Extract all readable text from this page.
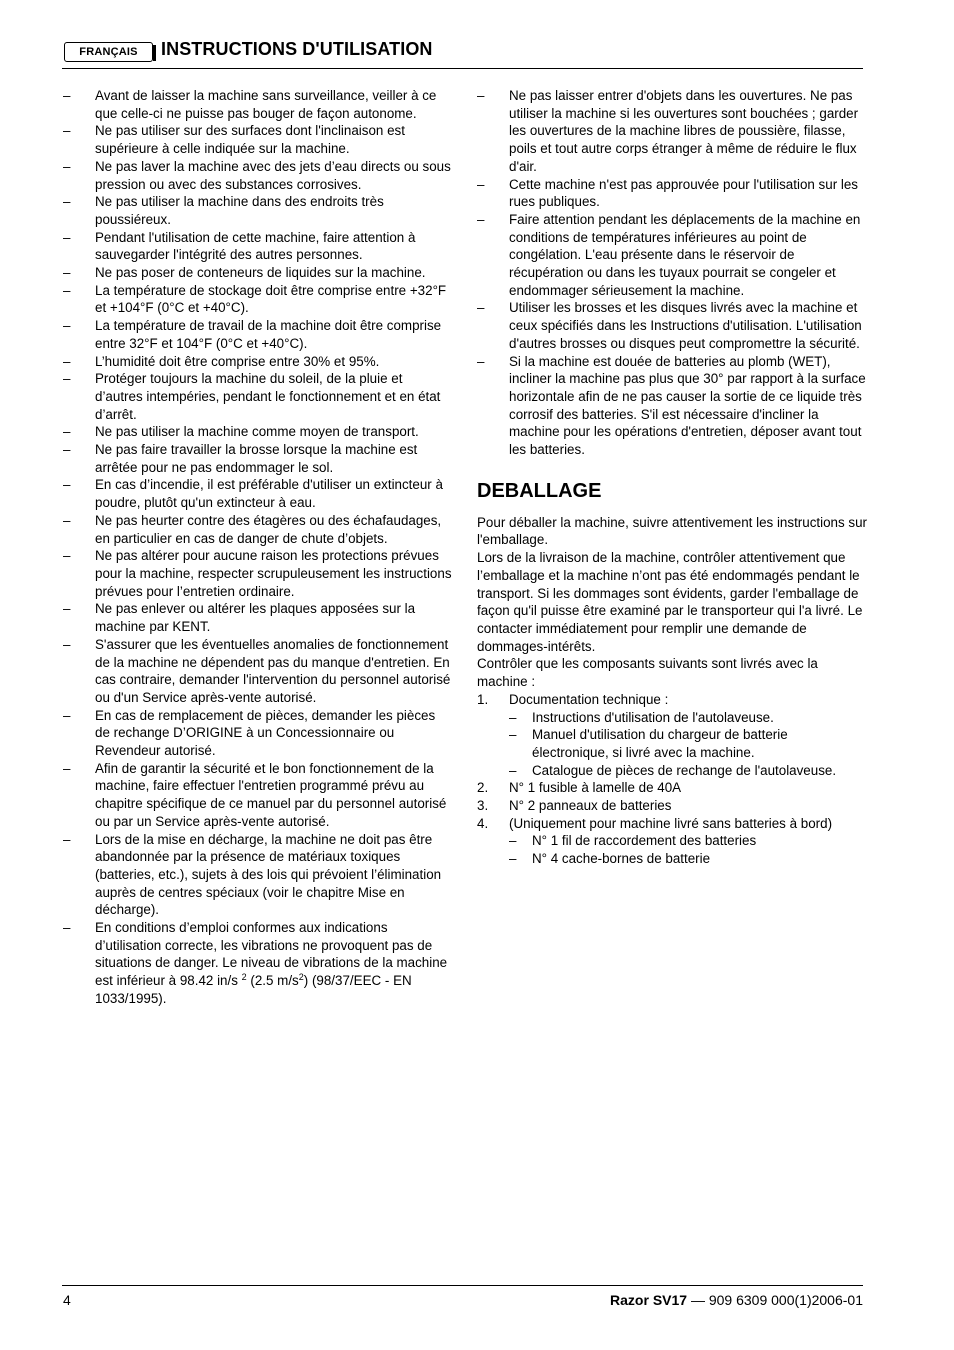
FRANÇAIS	INSTRUCTIONS D'UTILISATION
– Avant de laisser la machine sans surveillance, veiller à ce que celle-ci ne puisse pas bouger de façon autonome.
– Ne pas utiliser sur des surfaces dont l'inclinaison est supérieure à celle indiquée sur la machine.
– Ne pas laver la machine avec des jets d’eau directs ou sous pression ou avec des substances corrosives.
– Ne pas utiliser la machine dans des endroits très poussiéreux.
– Pendant l'utilisation de cette machine, faire attention à sauvegarder l'intégrité des autres personnes.
– Ne pas poser de conteneurs de liquides sur la machine.
– La température de stockage doit être comprise entre +32°F et +104°F (0°C et +40°C).
– La température de travail de la machine doit être comprise entre 32°F et 104°F (0°C et +40°C).
– L’humidité doit être comprise entre 30% et 95%.
– Protéger toujours la machine du soleil, de la pluie et d’autres intempéries, pendant le fonctionnement et en état d’arrêt.
– Ne pas utiliser la machine comme moyen de transport.
– Ne pas faire travailler la brosse lorsque la machine est arrêtée pour ne pas endommager le sol.
– En cas d’incendie, il est préférable d'utiliser un extincteur à poudre, plutôt qu'un extincteur à eau.
– Ne pas heurter contre des étagères ou des échafaudages, en particulier en cas de danger de chute d’objets.
– Ne pas altérer pour aucune raison les protections prévues pour la machine, respecter scrupuleusement les instructions prévues pour l’entretien ordinaire.
– Ne pas enlever ou altérer les plaques apposées sur la machine par KENT.
– S'assurer que les éventuelles anomalies de fonctionnement de la machine ne dépendent pas du manque d'entretien. En cas contraire, demander l'intervention du personnel autorisé ou d'un Service après-vente autorisé.
– En cas de remplacement de pièces, demander les pièces de rechange D’ORIGINE à un Concessionnaire ou Revendeur autorisé.
– Afin de garantir la sécurité et le bon fonctionnement de la machine, faire effectuer l'entretien programmé prévu au chapitre spécifique de ce manuel par du personnel autorisé ou par un Service après-vente autorisé.
– Lors de la mise en décharge, la machine ne doit pas être abandonnée par la présence de matériaux toxiques (batteries, etc.), sujets à des lois qui prévoient l’élimination auprès de centres spéciaux (voir le chapitre Mise en décharge).
– En conditions d’emploi conformes aux indications d’utilisation correcte, les vibrations ne provoquent pas de situations de danger. Le niveau de vibrations de la machine est inférieur à 98.42 in/s $^2$ (2.5 $m/s^2$) (98/37/EEC - EN 1033/1995).
– Ne pas laisser entrer d'objets dans les ouvertures. Ne pas utiliser la machine si les ouvertures sont bouchées ; garder les ouvertures de la machine libres de poussière, filasse, poils et tout autre corps étranger à même de réduire le flux d'air.
– Cette machine n'est pas approuvée pour l'utilisation sur les rues publiques.
– Faire attention pendant les déplacements de la machine en conditions de températures inférieures au point de congélation. L'eau présente dans le réservoir de récupération ou dans les tuyaux pourrait se congeler et endommager sérieusement la machine.
– Utiliser les brosses et les disques livrés avec la machine et ceux spécifiés dans les Instructions d'utilisation. L'utilisation d'autres brosses ou disques peut compromettre la sécurité.
– Si la machine est douée de batteries au plomb (WET), incliner la machine pas plus que 30° par rapport à la surface horizontale afin de ne pas causer la sortie de ce liquide très corrosif des batteries. S'il est nécessaire d'incliner la machine pour les opérations d'entretien, déposer avant tout les batteries.
DEBALLAGE

Pour déballer la machine, suivre attentivement les instructions sur l'emballage.

Lors de la livraison de la machine, contrôler attentivement que l’emballage et la machine n’ont pas été endommagés pendant le transport. Si les dommages sont évidents, garder l'emballage de façon qu'il puisse être examiné par le transporteur qui l'a livré. Le contacter immédiatement pour remplir une demande de dommages-intérêts.

Contrôler que les composants suivants sont livrés avec la machine :

1. Documentation technique :
– Instructions d'utilisation de l'autolaveuse.
– Manuel d'utilisation du chargeur de batterie électronique, si livré avec la machine.
– Catalogue de pièces de rechange de l'autolaveuse.
2. N° 1 fusible à lamelle de 40A
3. N° 2 panneaux de batteries
4. (Uniquement pour machine livré sans batteries à bord)
– N° 1 fil de raccordement des batteries
– N° 4 cache-bornes de batterie
4	Razor SV17 — 909 6309 000(1)2006-01
